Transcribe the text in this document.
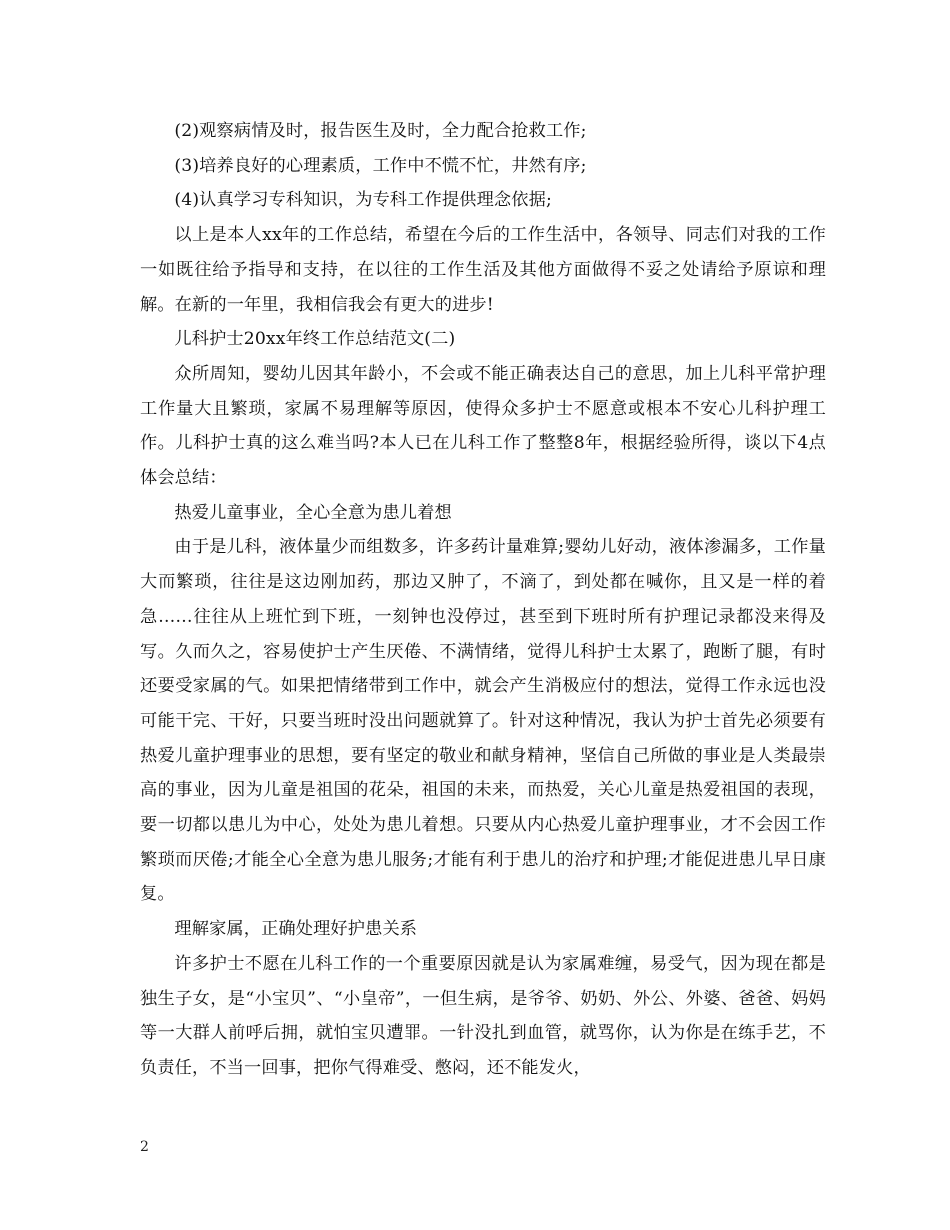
(2)观察病情及时，报告医生及时，全力配合抢救工作;

(3)培养良好的心理素质，工作中不慌不忙，井然有序;

(4)认真学习专科知识，为专科工作提供理念依据;

以上是本人xx年的工作总结，希望在今后的工作生活中，各领导、同志们对我的工作一如既往给予指导和支持，在以往的工作生活及其他方面做得不妥之处请给予原谅和理解。在新的一年里，我相信我会有更大的进步!

儿科护士20xx年终工作总结范文(二)

众所周知，婴幼儿因其年龄小，不会或不能正确表达自己的意思，加上儿科平常护理工作量大且繁琐，家属不易理解等原因，使得众多护士不愿意或根本不安心儿科护理工作。儿科护士真的这么难当吗?本人已在儿科工作了整整8年，根据经验所得，谈以下4点体会总结：

热爱儿童事业，全心全意为患儿着想

由于是儿科，液体量少而组数多，许多药计量难算;婴幼儿好动，液体渗漏多，工作量大而繁琐，往往是这边刚加药，那边又肿了，不滴了，到处都在喊你，且又是一样的着急……往往从上班忙到下班，一刻钟也没停过，甚至到下班时所有护理记录都没来得及写。久而久之，容易使护士产生厌倦、不满情绪，觉得儿科护士太累了，跑断了腿，有时还要受家属的气。如果把情绪带到工作中，就会产生消极应付的想法，觉得工作永远也没可能干完、干好，只要当班时没出问题就算了。针对这种情况，我认为护士首先必须要有热爱儿童护理事业的思想，要有坚定的敬业和献身精神，坚信自己所做的事业是人类最崇高的事业，因为儿童是祖国的花朵，祖国的未来，而热爱，关心儿童是热爱祖国的表现，要一切都以患儿为中心，处处为患儿着想。只要从内心热爱儿童护理事业，才不会因工作繁琐而厌倦;才能全心全意为患儿服务;才能有利于患儿的治疗和护理;才能促进患儿早日康复。

理解家属，正确处理好护患关系

许多护士不愿在儿科工作的一个重要原因就是认为家属难缠，易受气，因为现在都是独生子女，是“小宝贝”、“小皇帝”，一但生病，是爷爷、奶奶、外公、外婆、爸爸、妈妈等一大群人前呼后拥，就怕宝贝遭罪。一针没扎到血管，就骂你，认为你是在练手艺，不负责任，不当一回事，把你气得难受、憋闷，还不能发火，

2
